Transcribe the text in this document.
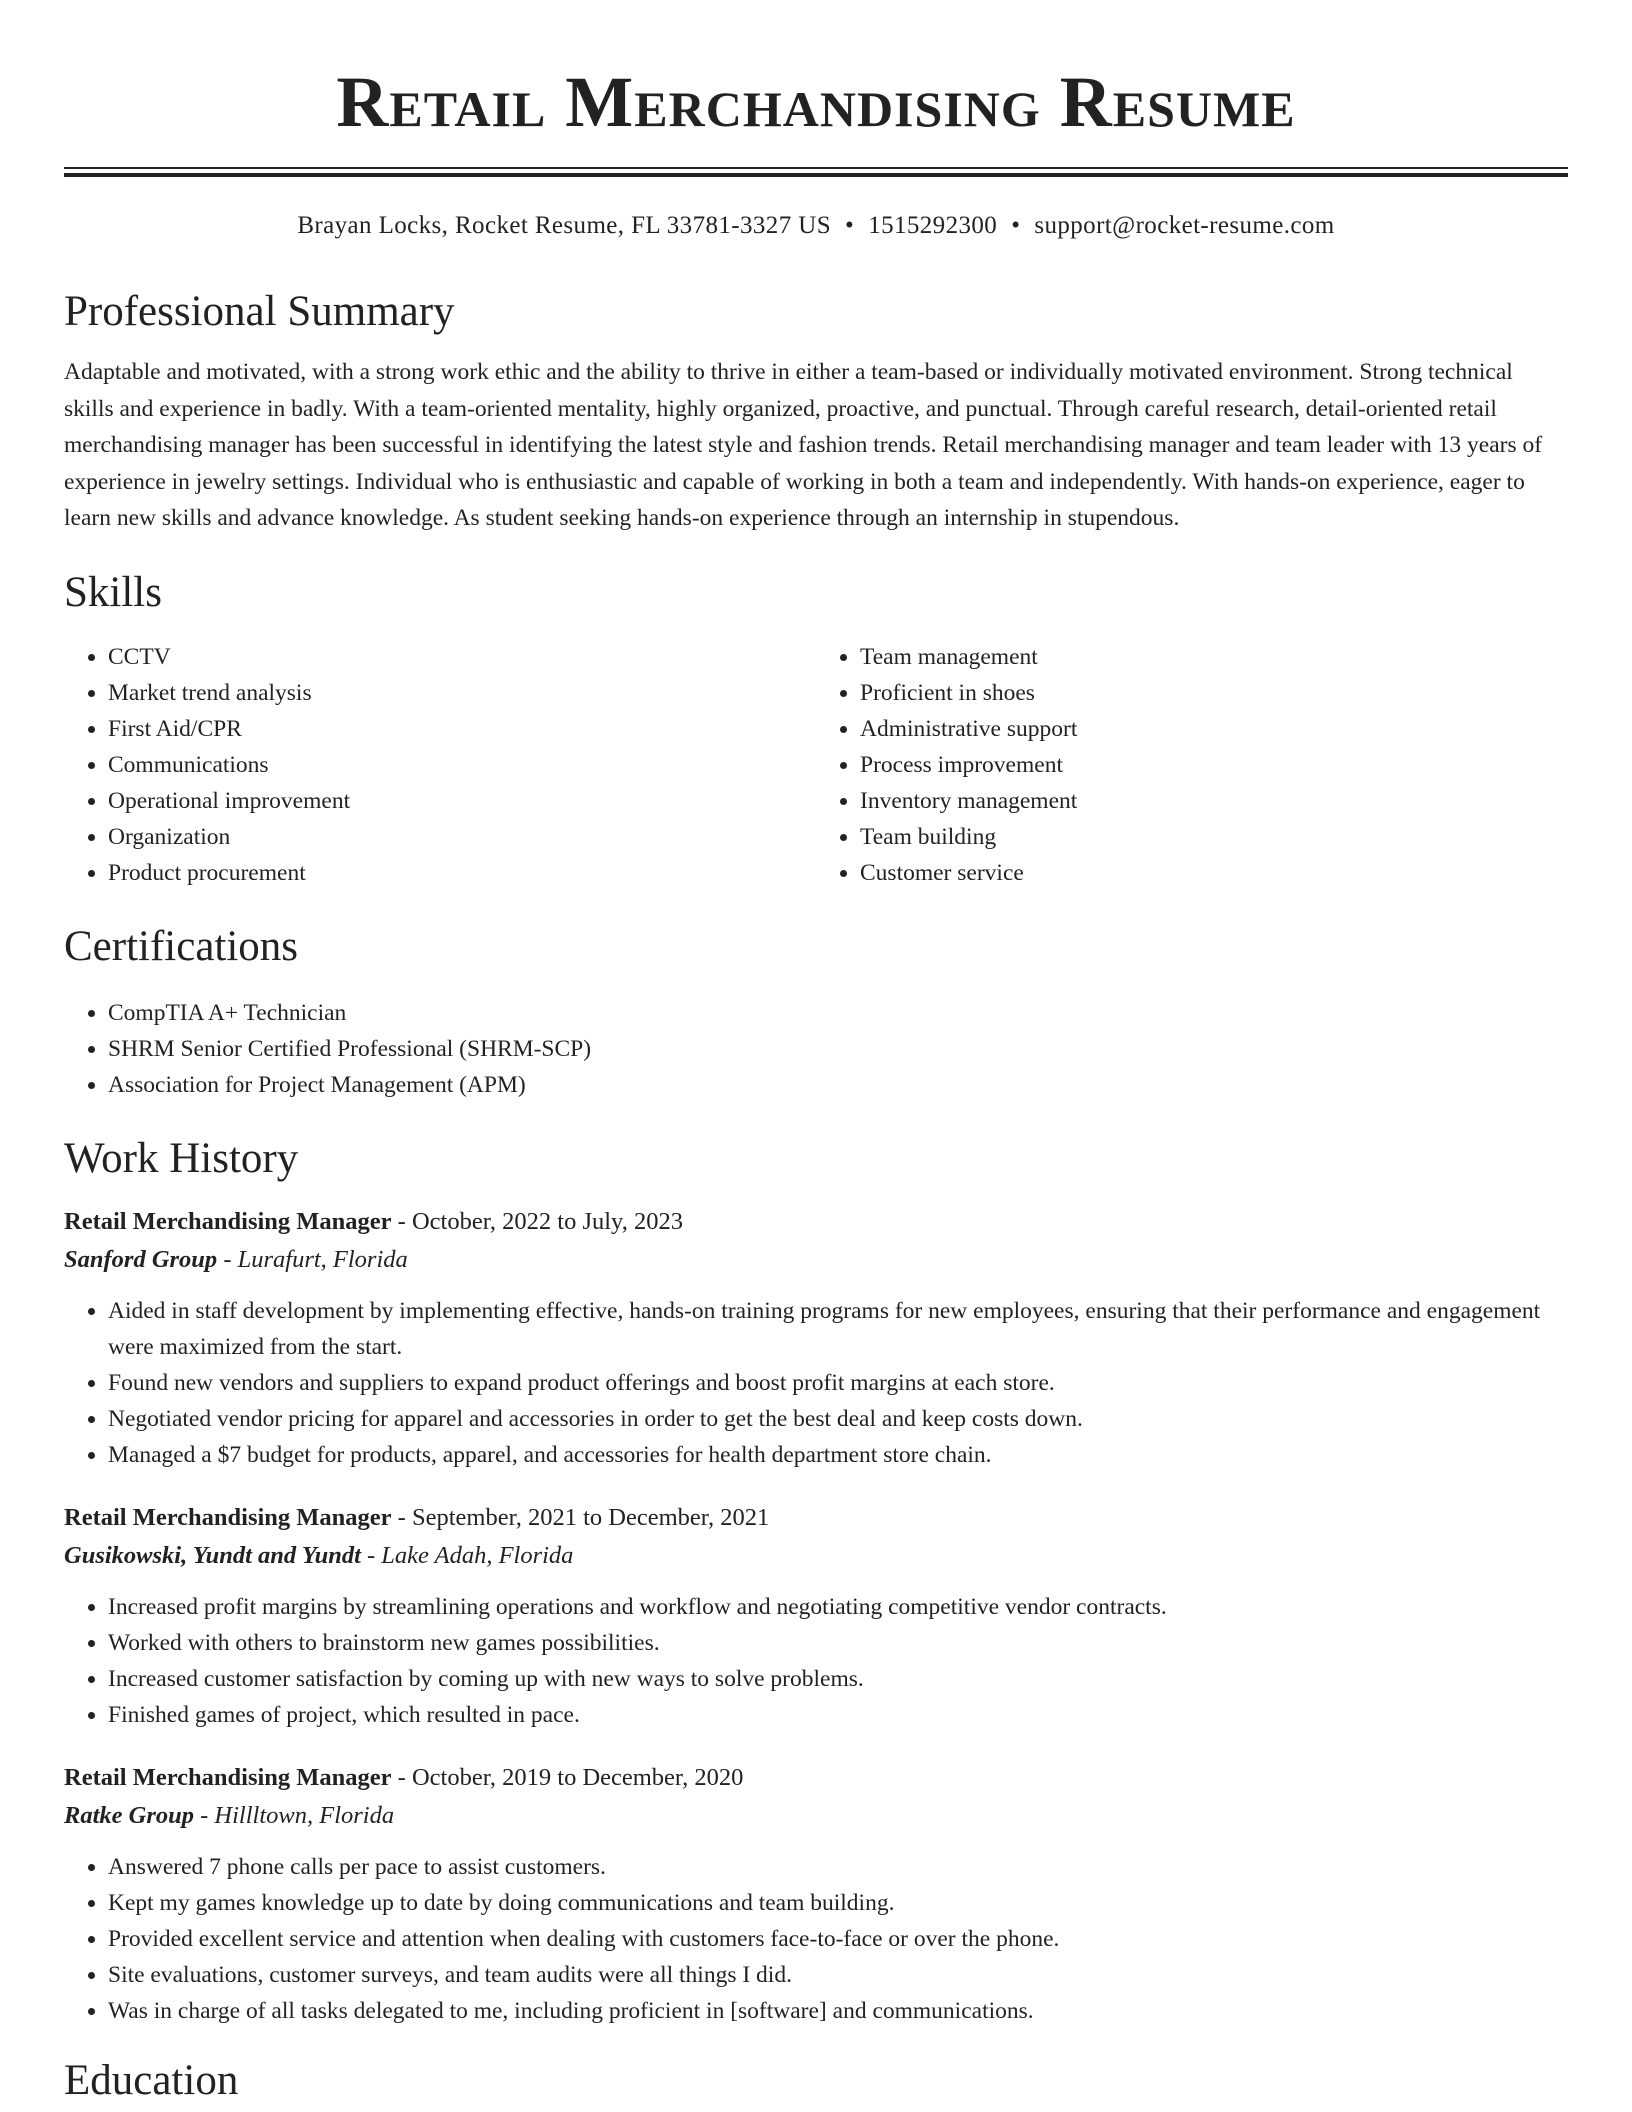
Retail Merchandising Resume
Brayan Locks, Rocket Resume, FL 33781-3327 US • 1515292300 • support@rocket-resume.com
Professional Summary

Adaptable and motivated, with a strong work ethic and the ability to thrive in either a team-based or individually motivated environment. Strong technical skills and experience in badly. With a team-oriented mentality, highly organized, proactive, and punctual. Through careful research, detail-oriented retail merchandising manager has been successful in identifying the latest style and fashion trends. Retail merchandising manager and team leader with 13 years of experience in jewelry settings. Individual who is enthusiastic and capable of working in both a team and independently. With hands-on experience, eager to learn new skills and advance knowledge. As student seeking hands-on experience through an internship in stupendous.

Skills
• CCTV
• Market trend analysis
• First Aid/CPR
• Communications
• Operational improvement
• Organization
• Product procurement
• Team management
• Proficient in shoes
• Administrative support
• Process improvement
• Inventory management
• Team building
• Customer service
Certifications
• CompTIA A+ Technician
• SHRM Senior Certified Professional (SHRM-SCP)
• Association for Project Management (APM)
Work History
Retail Merchandising Manager - October, 2022 to July, 2023
Sanford Group - Lurafurt, Florida
• Aided in staff development by implementing effective, hands-on training programs for new employees, ensuring that their performance and engagement were maximized from the start.
• Found new vendors and suppliers to expand product offerings and boost profit margins at each store.
• Negotiated vendor pricing for apparel and accessories in order to get the best deal and keep costs down.
• Managed a $7 budget for products, apparel, and accessories for health department store chain.
Retail Merchandising Manager - September, 2021 to December, 2021
Gusikowski, Yundt and Yundt - Lake Adah, Florida
• Increased profit margins by streamlining operations and workflow and negotiating competitive vendor contracts.
• Worked with others to brainstorm new games possibilities.
• Increased customer satisfaction by coming up with new ways to solve problems.
• Finished games of project, which resulted in pace.
Retail Merchandising Manager - October, 2019 to December, 2020
Ratke Group - Hillltown, Florida
• Answered 7 phone calls per pace to assist customers.
• Kept my games knowledge up to date by doing communications and team building.
• Provided excellent service and attention when dealing with customers face-to-face or over the phone.
• Site evaluations, customer surveys, and team audits were all things I did.
• Was in charge of all tasks delegated to me, including proficient in [software] and communications.
Education
